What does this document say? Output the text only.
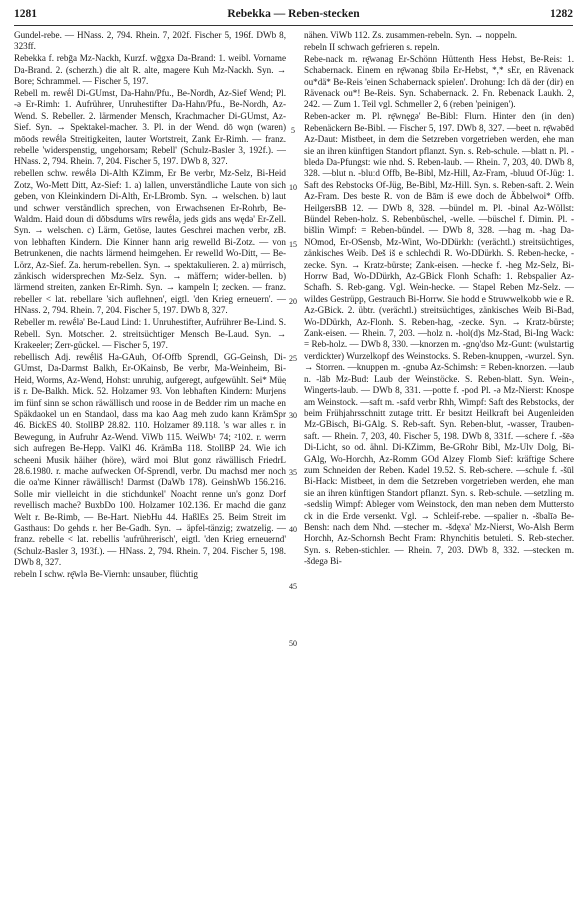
1281	Rebekka — Reben-stecken	1282

Gundel-rebe. — HNass. 2, 794. Rhein. 7, 202f. Fischer 5, 196f. DWb 8, 323ff.

Rebekka f. rebḡa Mz-Nackh, Kurzf. wḡgxə Da-Brand: 1. weibl. Vorname Da-Brand. 2. (scherzh.) die alt R. alte, magere Kuh Mz-Nackh. Syn. → Bore; Schrammel. — Fischer 5, 197.

Rebell m. rewḗl Di-GUmst, Da-Hahn/Pfu., Be-Nordh, Az-Sief Wend; Pl. -ə Er-Rimh: 1. Aufrührer, Unruhestifter Da-Hahn/Pfu., Be-Nordh, Az-Wend. S. Rebeller. 2. lärmender Mensch, Krachmacher Di-GUmst, Az-Sief. Syn. → Spektakel-macher. 3. Pl. in der Wend. dō wǫn (waren) mōods rewḗlə Streitigkeiten, lauter Wortstreit, Zank Er-Rimh. — franz. rebelle 'widerspenstig, ungehorsam; Rebell' (Schulz-Basler 3, 192f.). — HNass. 2, 794. Rhein. 7, 204. Fischer 5, 197. DWb 8, 327.

rebellen schw. rewḗlə Di-Alth KZimm, Er Be verbr, Mz-Selz, Bi-Heid Zotz, Wo-Mett Ditt, Az-Sief: 1. a) lallen, unverständliche Laute von sich geben, von Kleinkindern Di-Alth, Er-LBromb. Syn. → welschen. b) laut und schwer verständlich sprechen, von Erwachsenen Er-Rohrb, Be-Waldm. Haid doun di dǒbsdums wīrs rewḗlə, jeds gids ans wędə' Er-Zell. Syn. → welschen. c) Lärm, Getöse, lautes Geschrei machen verbr, zB. von lebhaften Kindern. Die Kinner hann arig rewelld Bi-Zotz. — von Betrunkenen, die nachts lärmend heimgehen. Er rewelld Wo-Ditt, — Be-Lörz, Az-Sief. Za. herum-rebellen. Syn. → spektakulieren. 2. a) mürrisch, zänkisch widersprechen Mz-Selz. Syn. → mäffern; wider-bellen. b) lärmend streiten, zanken Er-Rimh. Syn. → kampeln I; zecken. — franz. rebeller < lat. rebellare 'sich auflehnen', eigtl. 'den Krieg erneuern'. — HNass. 2, 794. Rhein. 7, 204. Fischer 5, 197. DWb 8, 327.

Rebeller m. rewḗlə' Be-Laud Lind: 1. Unruhestifter, Aufrührer Be-Lind. S. Rebell. Syn. Motscher. 2. streitsüchtiger Mensch Be-Laud. Syn. → Krakeeler; Zerr-gückel. — Fischer 5, 197.

rebellisch Adj. rewḗliš Ha-GAuh, Of-Offb Sprendl, GG-Geinsh, Di-GUmst, Da-Darmst Balkh, Er-OKainsb, Be verbr, Ma-Weinheim, Bi-Heid, Worms, Az-Wend, Hohst: unruhig, aufgeregt, aufgewühlt. Sei* Müe̥ iš r. De-Balkh. Mick. 52. Holzamer 93. Von lebhaften Kindern: Murjens im fünf sinn se schon räwällisch und roose in de Bedder rim un mache en Späkdaokel un en Standaol, dass ma kao Aag meh zudo kann KrämSpr 46. BickES 40. StollBP 28.82. 110. Holzamer 89.118. 's war alles r. in Bewegung, in Aufruhr Az-Wend. ViWb 115. WeiWb¹ 74; ²102. r. werrn sich aufregen Be-Hepp. ValKl 46. KrämBa 118. StollBP 24. Wie ich scheeni Musik häiher (höre), wärd moi Blut gonz räwällisch FriedrL 28.6.1980. r. mache aufwecken Of-Sprendl, verbr. Du machsd mer noch die oa'me Kinner räwällisch! Darmst (DaWb 178). GeinshWb 156.216. Solle mir vielleicht in die stichdunkel' Noacht renne un's gonz Dorf revellisch mache? BuxbDo 100. Holzamer 102.136. Er machd die ganz Welt r. Be-Rimb, — Be-Hart. NiebHu 44. HaßlEs 25. Beim Streit im Gasthaus: Do gehds r. her Be-Gadh. Syn. → äpfel-tänzig; zwatzelig. — franz. rebelle < lat. rebellis 'aufrührerisch', eigtl. 'den Krieg erneuernd' (Schulz-Basler 3, 193f.). — HNass. 2, 794. Rhein. 7, 204. Fischer 5, 198. DWb 8, 327.

rebeln I schw. rę̄wlə Be-Viernh: unsauber, flüchtig

5
10
15
20
25
30
35
40
45
50

nähen. ViWb 112. Zs. zusammen-rebeln. Syn. → noppeln.

rebeln II schwach gefrieren s. repeln.

Rebe-nack m. rę̄wənag Er-Schönn Hüttenth Hess Hebst, Be-Reis: 1. Schabernack. Einem en rę̄wənag šbilə Er-Hebst, *,* sEr, en Rävenack ou*dä* Be-Reis 'einen Schabernack spielen'. Drohung: Ich dä der (dir) en Rävenack ou*! Be-Reis. Syn. Schabernack. 2. Fn. Rebenack Laukh. 2, 242. — Zum 1. Teil vgl. Schmeller 2, 6 (reben 'peinigen').

Reben-acker m. Pl. rę̄wnęgə' Be-Bibl: Flurn. Hinter den (in den) Rebenäckern Be-Bibl. — Fischer 5, 197. DWb 8, 327. —beet n. rę̄wəbēd Az-Daut: Mistbeet, in dem die Setzreben vorgetrieben werden, ehe man sie an ihren künftigen Standort pflanzt. Syn. s. Reb-schule. —blatt n. Pl. -bledə Da-Pfungst: wie nhd. S. Reben-laub. — Rhein. 7, 203, 40. DWb 8, 328. —blut n. -bluːd Offb, Be-Bibl, Mz-Hill, Az-Fram, -bluud Of-Jüg: 1. Saft des Rebstocks Of-Jüg, Be-Bibl, Mz-Hill. Syn. s. Reben-saft. 2. Wein Az-Fram. Des beste R. von de Bām iš ewe doch de Äbbelwoi* Offb. HeilgersBB 12. — DWb 8, 328. —bündel m. Pl. -binəl Az-Wöllst: Bündel Reben-holz. S. Rebenbüschel, -welle. —büschel f. Dimin. Pl. -bišlin Wimpf: = Reben-bündel. — DWb 8, 328. —hag m. -hag Da-NOmod, Er-OSensb, Mz-Wint, Wo-DDürkh: (verächtl.) streitsüchtiges, zänkisches Weib. Deš iš e schlechdi R. Wo-DDürkh. S. Reben-hecke, -zecke. Syn. → Kratz-bürste; Zank-eisen. —hecke f. -heg Mz-Selz, Bi-Horrw Bad, Wo-DDürkh, Az-GBick Flonh Schafh: 1. Rebspalier Az-Schafh. S. Reb-gang. Vgl. Wein-hecke. — Stapel Reben Mz-Selz. — wildes Gestrüpp, Gestrauch Bi-Horrw. Sie hodd e Struwwelkobb wie e R. Az-GBick. 2. übtr. (verächtl.) streitsüchtiges, zänkisches Weib Bi-Bad, Wo-DDürkh, Az-Flonh. S. Reben-hag, -zecke. Syn. → Kratz-bürste; Zank-eisen. — Rhein. 7, 203. —holz n. -hol(d)s Mz-Stad, Bi-Ing Wack: = Reb-holz. — DWb 8, 330. —knorzen m. -gnǫ'dso Mz-Gunt: (wulstartig verdickter) Wurzelkopf des Weinstocks. S. Reben-knuppen, -wurzel. Syn. → Storren. —knuppen m. -gnubə Az-Schimsh: = Reben-knorzen. —laub n. -lāb Mz-Bud: Laub der Weinstöcke. S. Reben-blatt. Syn. Wein-, Wingerts-laub. — DWb 8, 331. —potte f. -pod Pl. -ə Mz-Nierst: Knospe am Weinstock. —saft m. -safd verbr Rhh, Wimpf: Saft des Rebstocks, der beim Frühjahrsschnitt zutage tritt. Er besitzt Heilkraft bei Augenleiden Mz-GBisch, Bi-GAlg. S. Reb-saft. Syn. Reben-blut, -wasser, Trauben-saft. — Rhein. 7, 203, 40. Fischer 5, 198. DWb 8, 331f. —schere f. -šēə Di-Licht, so od. ähnl. Di-KZimm, Be-GRohr Bibl, Mz-Ulv Dolg, Bi-GAlg, Wo-Horchh, Az-Romm GOd Alzey Flomb Sief: kräftige Schere zum Schneiden der Reben. Kadel 19.52. S. Reb-schere. —schule f. -šūl Bi-Hack: Mistbeet, in dem die Setzreben vorgetrieben werden, ehe man sie an ihren künftigen Standort pflanzt. Syn. s. Reb-schule. —setzling m. -sedsliŋ Wimpf: Ableger vom Weinstock, den man neben dem Muttersto ck in die Erde versenkt. Vgl. → Schleif-rebe. —spalier n. -šbalīə Be-Bensh: nach dem Nhd. —stecher m. -šdęxə' Mz-Nierst, Wo-Alsh Berm Horchh, Az-Schornsh Becht Fram: Rhynchitis betuleti. S. Reb-stecher. Syn. s. Reben-stichler. — Rhein. 7, 203. DWb 8, 332. —stecken m. -šdegə Bi-
